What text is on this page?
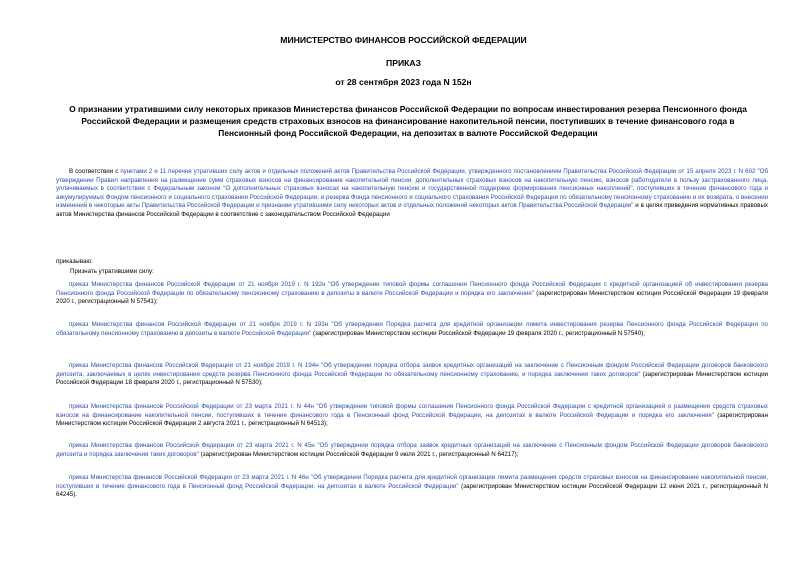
МИНИСТЕРСТВО ФИНАНСОВ РОССИЙСКОЙ ФЕДЕРАЦИИ
ПРИКАЗ
от 28 сентября 2023 года N 152н
О признании утратившими силу некоторых приказов Министерства финансов Российской Федерации по вопросам инвестирования резерва Пенсионного фонда Российской Федерации и размещения средств страховых взносов на финансирование накопительной пенсии, поступивших в течение финансового года в Пенсионный фонд Российской Федерации, на депозитах в валюте Российской Федерации
В соответствии с пунктами 2 и 11 перечня утративших силу актов и отдельных положений актов Правительства Российской Федерации, утвержденного постановлением Правительства Российской Федерации от 15 апреля 2023 г. N 602 "Об утверждении Правил направления на размещение сумм страховых взносов на финансирование накопительной пенсии, дополнительных страховых взносов на накопительную пенсию, взносов работодателя в пользу застрахованного лица, уплачиваемых в соответствии с Федеральным законом "О дополнительных страховых взносах на накопительную пенсию и государственной поддержке формирования пенсионных накоплений", поступивших в течение финансового года и аккумулируемых Фондом пенсионного и социального страхования Российской Федерации, и резерва Фонда пенсионного и социального страхования Российской Федерации по обязательному пенсионному страхованию и их возврата, о внесении изменений в некоторые акты Правительства Российской Федерации и признании утратившими силу некоторых актов и отдельных положений некоторых актов Правительства Российской Федерации" и в целях приведения нормативных правовых актов Министерства финансов Российской Федерации в соответствие с законодательством Российской Федерации
приказываю:
Признать утратившими силу:
приказ Министерства финансов Российской Федерации от 21 ноября 2019 г. N 192н "Об утверждении типовой формы соглашения Пенсионного фонда Российской Федерации с кредитной организацией об инвестировании резерва Пенсионного фонда Российской Федерации по обязательному пенсионному страхованию в депозиты в валюте Российской Федерации и порядка его заключения" (зарегистрирован Министерством юстиции Российской Федерации 19 февраля 2020 г., регистрационный N 57541);
приказ Министерства финансов Российской Федерации от 21 ноября 2019 г. N 193н "Об утверждении Порядка расчета для кредитной организации лимита инвестирования резерва Пенсионного фонда Российской Федерации по обязательному пенсионному страхованию в депозиты в валюте Российской Федерации" (зарегистрирован Министерством юстиции Российской Федерации 19 февраля 2020 г., регистрационный N 57540);
приказ Министерства финансов Российской Федерации от 21 ноября 2019 г. N 194н "Об утверждении порядка отбора заявок кредитных организаций на заключение с Пенсионным фондом Российской Федерации договоров банковского депозита, заключаемых в целях инвестирования средств резерва Пенсионного фонда Российской Федерации по обязательному пенсионному страхованию, и порядка заключения таких договоров" (зарегистрирован Министерством юстиции Российской Федерации 18 февраля 2020 г., регистрационный N 57530);
приказ Министерства финансов Российской Федерации от 23 марта 2021 г. N 44н "Об утверждении типовой формы соглашения Пенсионного фонда Российской Федерации с кредитной организацией о размещении средств страховых взносов на финансирование накопительной пенсии, поступивших в течение финансового года в Пенсионный фонд Российской Федерации, на депозитах в валюте Российской Федерации и порядка его заключения" (зарегистрирован Министерством юстиции Российской Федерации 2 августа 2021 г., регистрационный N 64513);
приказ Министерства финансов Российской Федерации от 23 марта 2021 г. N 45н "Об утверждении порядка отбора заявок кредитных организаций на заключение с Пенсионным фондом Российской Федерации договоров банковского депозита и порядка заключения таких договоров" (зарегистрирован Министерством юстиции Российской Федерации 9 июля 2021 г., регистрационный N 64217);
приказ Министерства финансов Российской Федерации от 23 марта 2021 г. N 46н "Об утверждении Порядка расчета для кредитной организации лимита размещения средств страховых взносов на финансирование накопительной пенсии, поступивших в течение финансового года в Пенсионный фонд Российской Федерации, на депозитах в валюте Российской Федерации" (зарегистрирован Министерством юстиции Российской Федерации 12 июня 2021 г., регистрационный N 64245).
